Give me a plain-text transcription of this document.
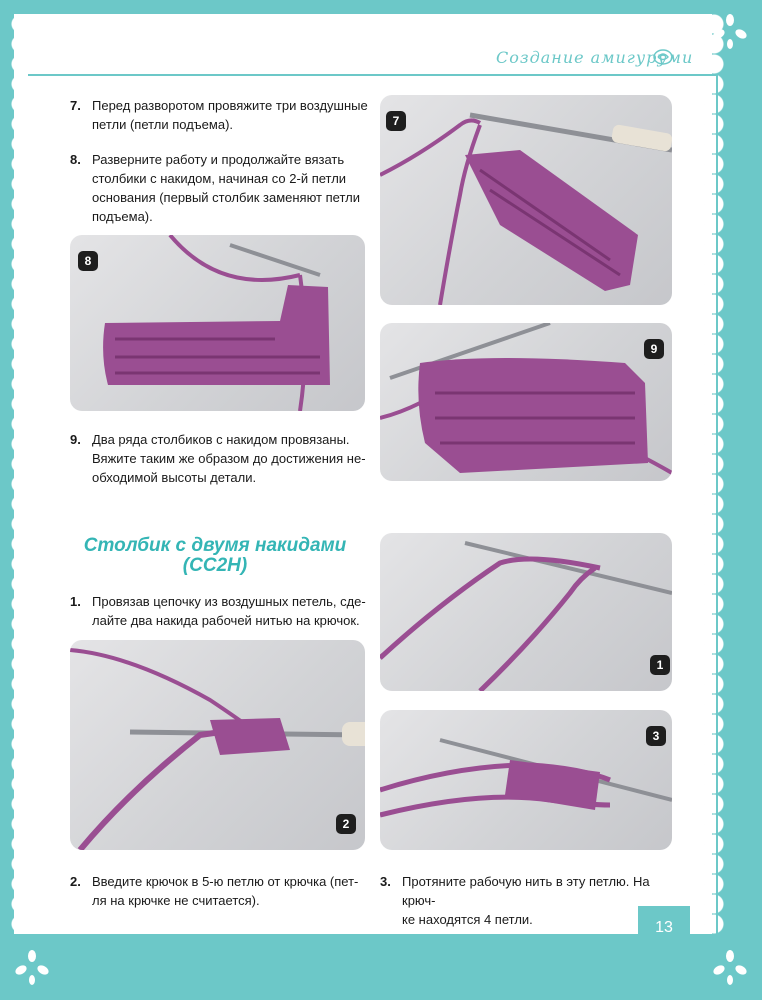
Создание амигуруми
7. Перед разворотом провяжите три воздушные
петли (петли подъема).
8. Разверните работу и продолжайте вязать
столбики с накидом, начиная со 2-й петли
основания (первый столбик заменяют петли
подъема).
7
8
9
9. Два ряда столбиков с накидом провязаны.
Вяжите таким же образом до достижения не-
обходимой высоты детали.
Столбик с двумя накидами
(СС2Н)
1. Провязав цепочку из воздушных петель, сде-
лайте два накида рабочей нитью на крючок.
1
2
3
2. Введите крючок в 5-ю петлю от крючка (пет-
ля на крючке не считается).
3. Протяните рабочую нить в эту петлю. На крюч-
ке находятся 4 петли.	13
